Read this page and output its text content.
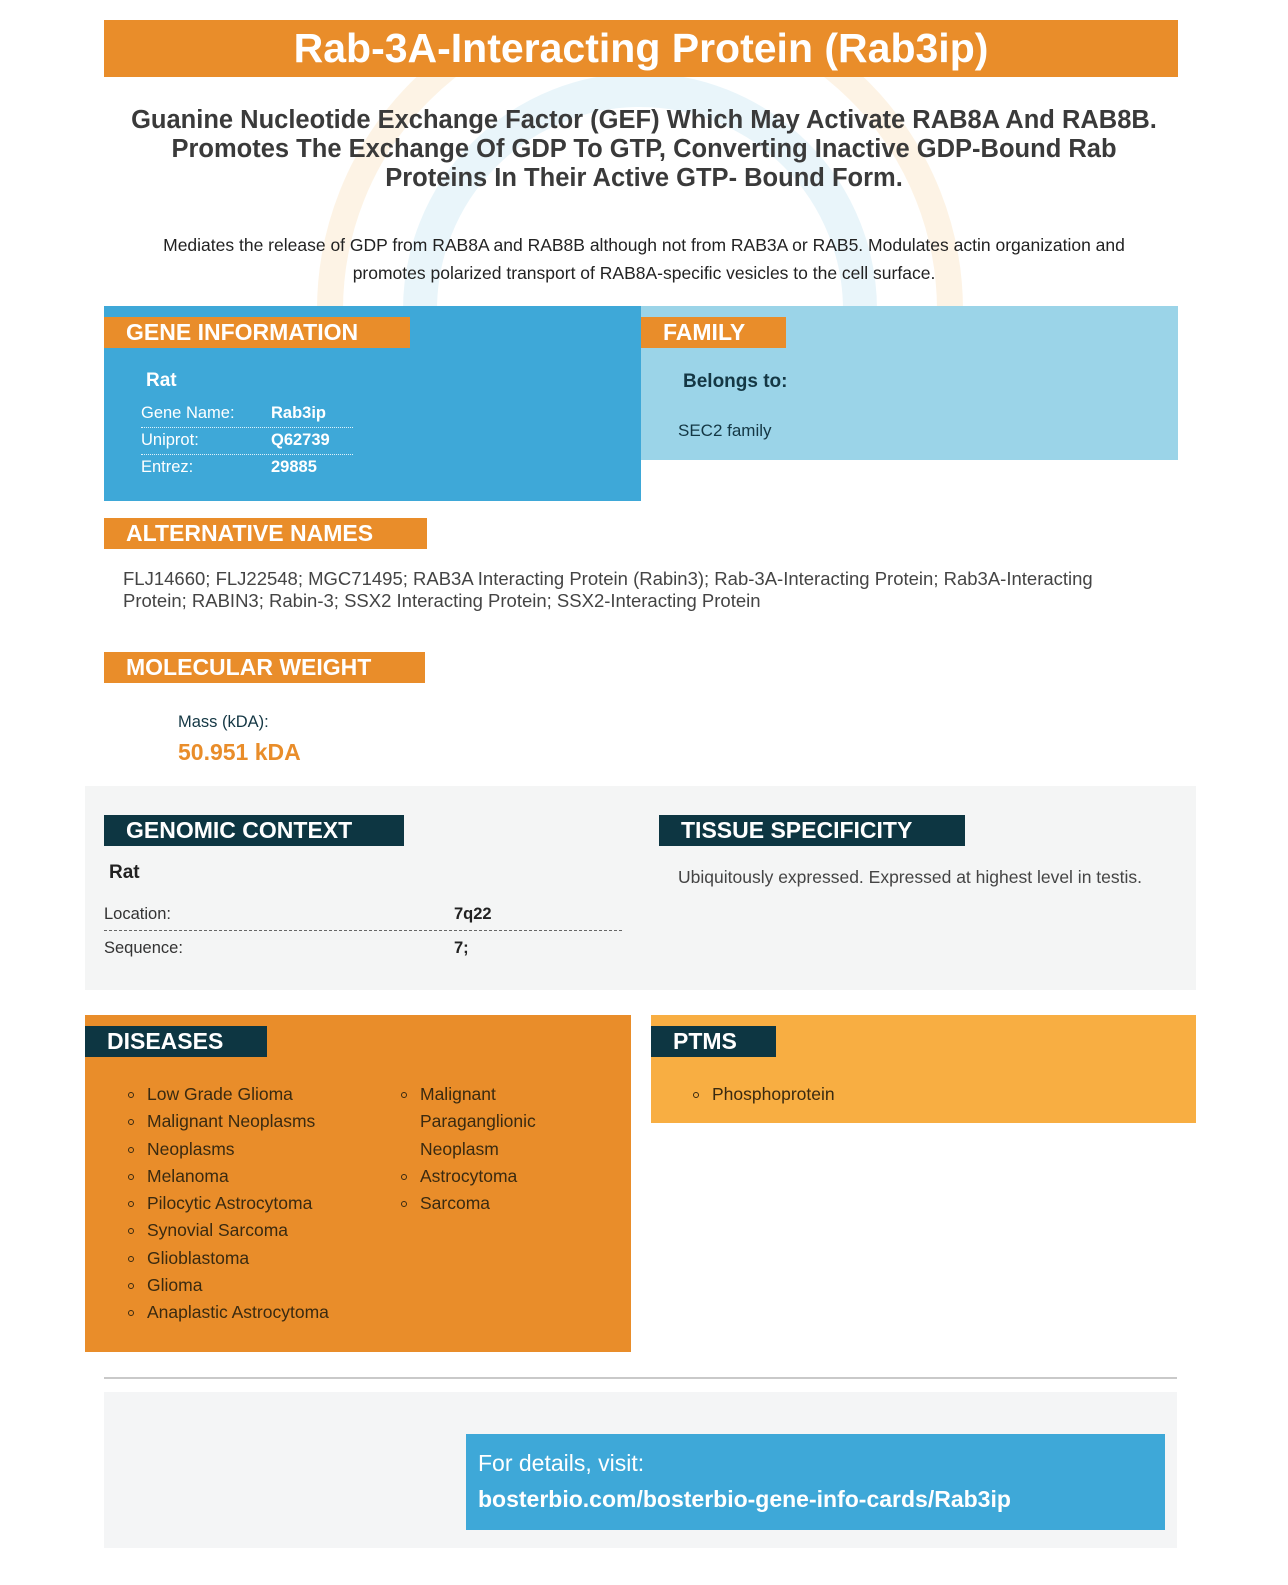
Rab-3A-Interacting Protein (Rab3ip)
Guanine Nucleotide Exchange Factor (GEF) Which May Activate RAB8A And RAB8B. Promotes The Exchange Of GDP To GTP, Converting Inactive GDP-Bound Rab Proteins In Their Active GTP- Bound Form.
Mediates the release of GDP from RAB8A and RAB8B although not from RAB3A or RAB5. Modulates actin organization and promotes polarized transport of RAB8A-specific vesicles to the cell surface.
GENE INFORMATION
Rat
Gene Name: Rab3ip
Uniprot:	Q62739
Entrez:	29885
FAMILY
Belongs to:
SEC2 family
ALTERNATIVE NAMES
FLJ14660; FLJ22548; MGC71495; RAB3A Interacting Protein (Rabin3); Rab-3A-Interacting Protein; Rab3A-Interacting Protein; RABIN3; Rabin-3; SSX2 Interacting Protein; SSX2-Interacting Protein
MOLECULAR WEIGHT
Mass (kDA):
50.951 kDA
GENOMIC CONTEXT	TISSUE SPECIFICITY
Rat
Location:	7q22
Sequence:	7;
Ubiquitously expressed. Expressed at highest level in testis.
DISEASES
Low Grade Glioma
Malignant Neoplasms
Neoplasms
Melanoma
Pilocytic Astrocytoma
Synovial Sarcoma
Glioblastoma
Glioma
Anaplastic Astrocytoma
Malignant Paraganglionic Neoplasm
Astrocytoma
Sarcoma
PTMS
Phosphoprotein
For details, visit:
bosterbio.com/bosterbio-gene-info-cards/Rab3ip
